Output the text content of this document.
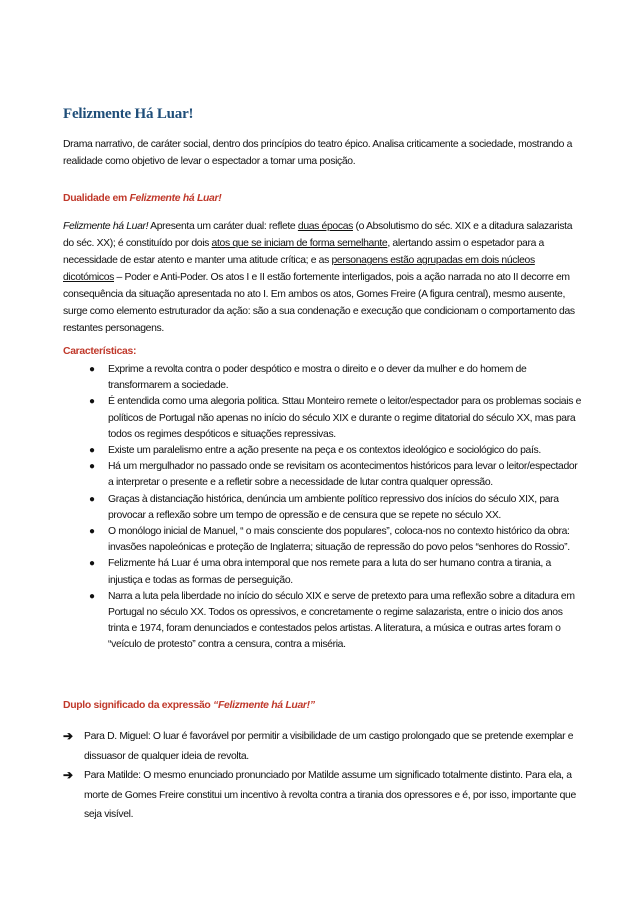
Felizmente Há Luar!

Drama narrativo, de caráter social, dentro dos princípios do teatro épico. Analisa criticamente a sociedade, mostrando a realidade como objetivo de levar o espectador a tomar uma posição.

Dualidade em Felizmente há Luar!

Felizmente há Luar! Apresenta um caráter dual: reflete duas épocas (o Absolutismo do séc. XIX e a ditadura salazarista do séc. XX); é constituído por dois atos que se iniciam de forma semelhante, alertando assim o espetador para a necessidade de estar atento e manter uma atitude crítica; e as personagens estão agrupadas em dois núcleos dicotómicos – Poder e Anti-Poder. Os atos I e II estão fortemente interligados, pois a ação narrada no ato II decorre em consequência da situação apresentada no ato I. Em ambos os atos, Gomes Freire (A figura central), mesmo ausente, surge como elemento estruturador da ação: são a sua condenação e execução que condicionam o comportamento das restantes personagens.

Características:
● Exprime a revolta contra o poder despótico e mostra o direito e o dever da mulher e do homem de transformarem a sociedade.
● É entendida como uma alegoria politica. Sttau Monteiro remete o leitor/espectador para os problemas sociais e políticos de Portugal não apenas no início do século XIX e durante o regime ditatorial do século XX, mas para todos os regimes despóticos e situações repressivas.
● Existe um paralelismo entre a ação presente na peça e os contextos ideológico e sociológico do país.
● Há um mergulhador no passado onde se revisitam os acontecimentos históricos para levar o leitor/espectador a interpretar o presente e a refletir sobre a necessidade de lutar contra qualquer opressão.
● Graças à distanciação histórica, denúncia um ambiente político repressivo dos inícios do século XIX, para provocar a reflexão sobre um tempo de opressão e de censura que se repete no século XX.
● O monólogo inicial de Manuel, “ o mais consciente dos populares”, coloca-nos no contexto histórico da obra: invasões napoleónicas e proteção de Inglaterra; situação de repressão do povo pelos “senhores do Rossio”.
● Felizmente há Luar é uma obra intemporal que nos remete para a luta do ser humano contra a tirania, a injustiça e todas as formas de perseguição.
● Narra a luta pela liberdade no início do século XIX e serve de pretexto para uma reflexão sobre a ditadura em Portugal no século XX. Todos os opressivos, e concretamente o regime salazarista, entre o inicio dos anos trinta e 1974, foram denunciados e contestados pelos artistas. A literatura, a música e outras artes foram o “veículo de protesto” contra a censura, contra a miséria.
Duplo significado da expressão “Felizmente há Luar!”
➔ Para D. Miguel: O luar é favorável por permitir a visibilidade de um castigo prolongado que se pretende exemplar e dissuasor de qualquer ideia de revolta.
➔ Para Matilde: O mesmo enunciado pronunciado por Matilde assume um significado totalmente distinto. Para ela, a morte de Gomes Freire constitui um incentivo à revolta contra a tirania dos opressores e é, por isso, importante que seja visível.
